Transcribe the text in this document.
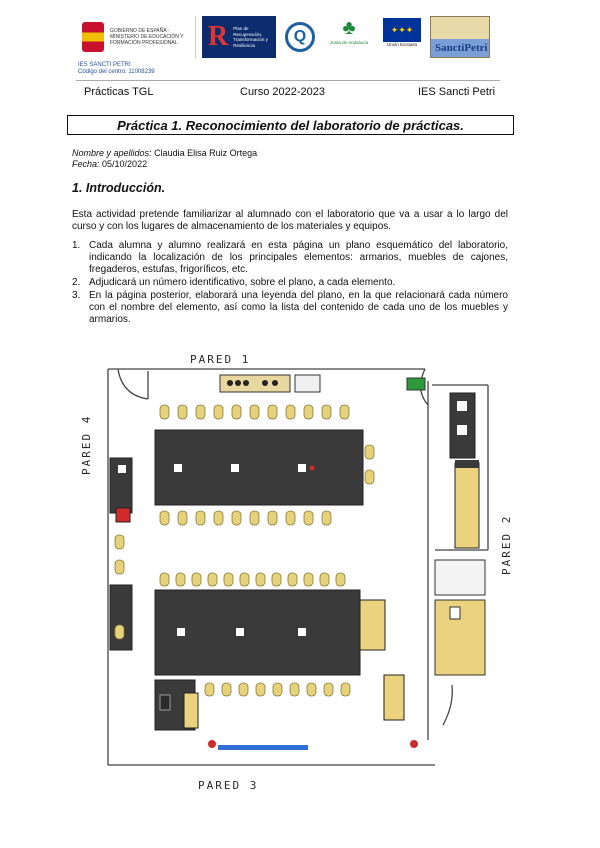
GOBIERNO DE ESPAÑA · MINISTERIO DE EDUCACIÓN Y FORMACIÓN PROFESIONAL	R Plan de Recuperación, Transformación y Resiliencia	Q	♣
Junta de Andalucía
✦✦✦
Unión Europea	SanctiPetri
IES SANCTI PETRI
Código del centro: 11008239
Prácticas TGL	Curso 2022-2023	IES Sancti Petri
Práctica 1. Reconocimiento del laboratorio de prácticas.
Nombre y apellidos: Claudia Elisa Ruiz Ortega
Fecha: 05/10/2022
1. Introducción.
Esta actividad pretende familiarizar al alumnado con el laboratorio que va a usar a lo largo del curso y con los lugares de almacenamiento de los materiales y equipos.
1. Cada alumna y alumno realizará en esta página un plano esquemático del laboratorio, indicando la localización de los principales elementos: armarios, muebles de cajones, fregaderos, estufas, frigoríficos, etc.
2. Adjudicará un número identificativo, sobre el plano, a cada elemento.
3. En la página posterior, elaborará una leyenda del plano, en la que relacionará cada número con el nombre del elemento, así como la lista del contenido de cada uno de los muebles y armarios.
PARED 1
PARED 3
PARED 4
PARED 2
